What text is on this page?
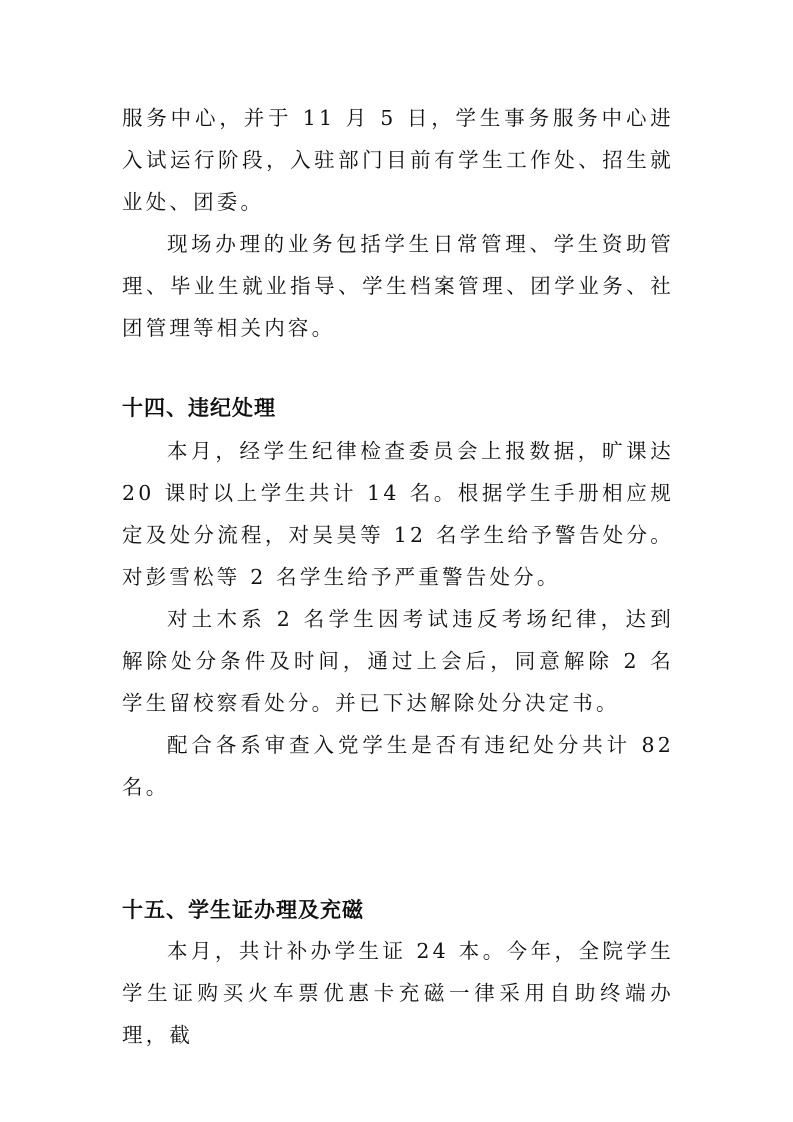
服务中心，并于 11 月 5 日，学生事务服务中心进入试运行阶段，入驻部门目前有学生工作处、招生就业处、团委。

现场办理的业务包括学生日常管理、学生资助管理、毕业生就业指导、学生档案管理、团学业务、社团管理等相关内容。

十四、违纪处理

本月，经学生纪律检查委员会上报数据，旷课达 20 课时以上学生共计 14 名。根据学生手册相应规定及处分流程，对吴昊等 12 名学生给予警告处分。对彭雪松等 2 名学生给予严重警告处分。

对土木系 2 名学生因考试违反考场纪律，达到解除处分条件及时间，通过上会后，同意解除 2 名学生留校察看处分。并已下达解除处分决定书。

配合各系审查入党学生是否有违纪处分共计 82 名。

十五、学生证办理及充磁

本月，共计补办学生证 24 本。今年，全院学生学生证购买火车票优惠卡充磁一律采用自助终端办理，截
